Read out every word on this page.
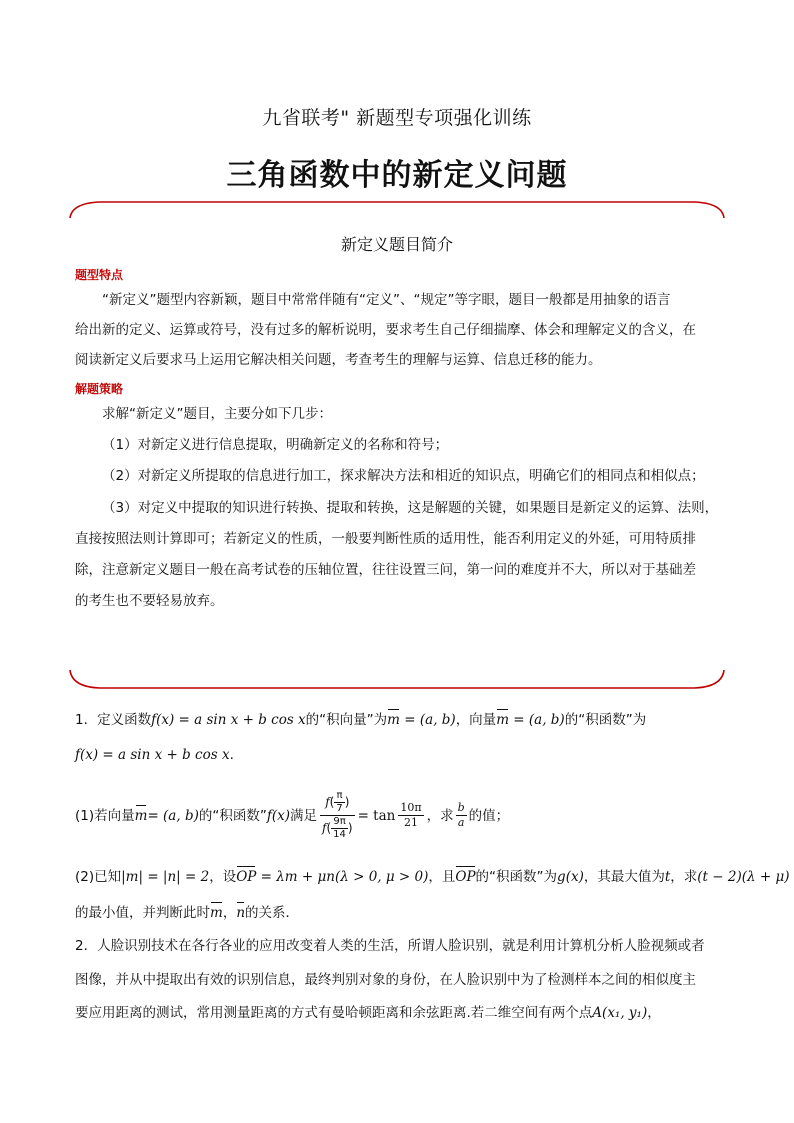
九省联考" 新题型专项强化训练
三角函数中的新定义问题
新定义题目简介
题型特点
“新定义”题型内容新颖，题目中常常伴随有“定义”、“规定”等字眼，题目一般都是用抽象的语言
给出新的定义、运算或符号，没有过多的解析说明，要求考生自己仔细揣摩、体会和理解定义的含义，在
阅读新定义后要求马上运用它解决相关问题，考查考生的理解与运算、信息迁移的能力。
解题策略
求解“新定义”题目，主要分如下几步：
（1）对新定义进行信息提取，明确新定义的名称和符号；
（2）对新定义所提取的信息进行加工，探求解决方法和相近的知识点，明确它们的相同点和相似点；
（3）对定义中提取的知识进行转换、提取和转换，这是解题的关键，如果题目是新定义的运算、法则，
直接按照法则计算即可；若新定义的性质，一般要判断性质的适用性，能否利用定义的外延，可用特质排
除，注意新定义题目一般在高考试卷的压轴位置，往往设置三问，第一问的难度并不大，所以对于基础差
的考生也不要轻易放弃。
1．定义函数f(x) = a sin x + b cos x的“积向量”为m = (a, b)，向量m = (a, b)的“积函数”为
f(x) = a sin x + b cos x.
(1)若向量 m = (a, b) 的“积函数” f(x) 满足 $\frac{f( \frac{\pi}{7} )}{f( \frac{9\pi}{14} )} = \tan \frac{10\pi}{21}$ ，求 $\frac{b}{a}$ 的值；
(2)已知|m| = |n| = 2，设OP = λm + μn(λ > 0, μ > 0)，且OP的“积函数”为g(x)，其最大值为t，求(t − 2)(λ + μ)
的最小值，并判断此时m，n的关系．
2．人脸识别技术在各行各业的应用改变着人类的生活，所谓人脸识别，就是利用计算机分析人脸视频或者
图像，并从中提取出有效的识别信息，最终判别对象的身份，在人脸识别中为了检测样本之间的相似度主
要应用距离的测试，常用测量距离的方式有曼哈顿距离和余弦距离.若二维空间有两个点A(x₁, y₁)，
